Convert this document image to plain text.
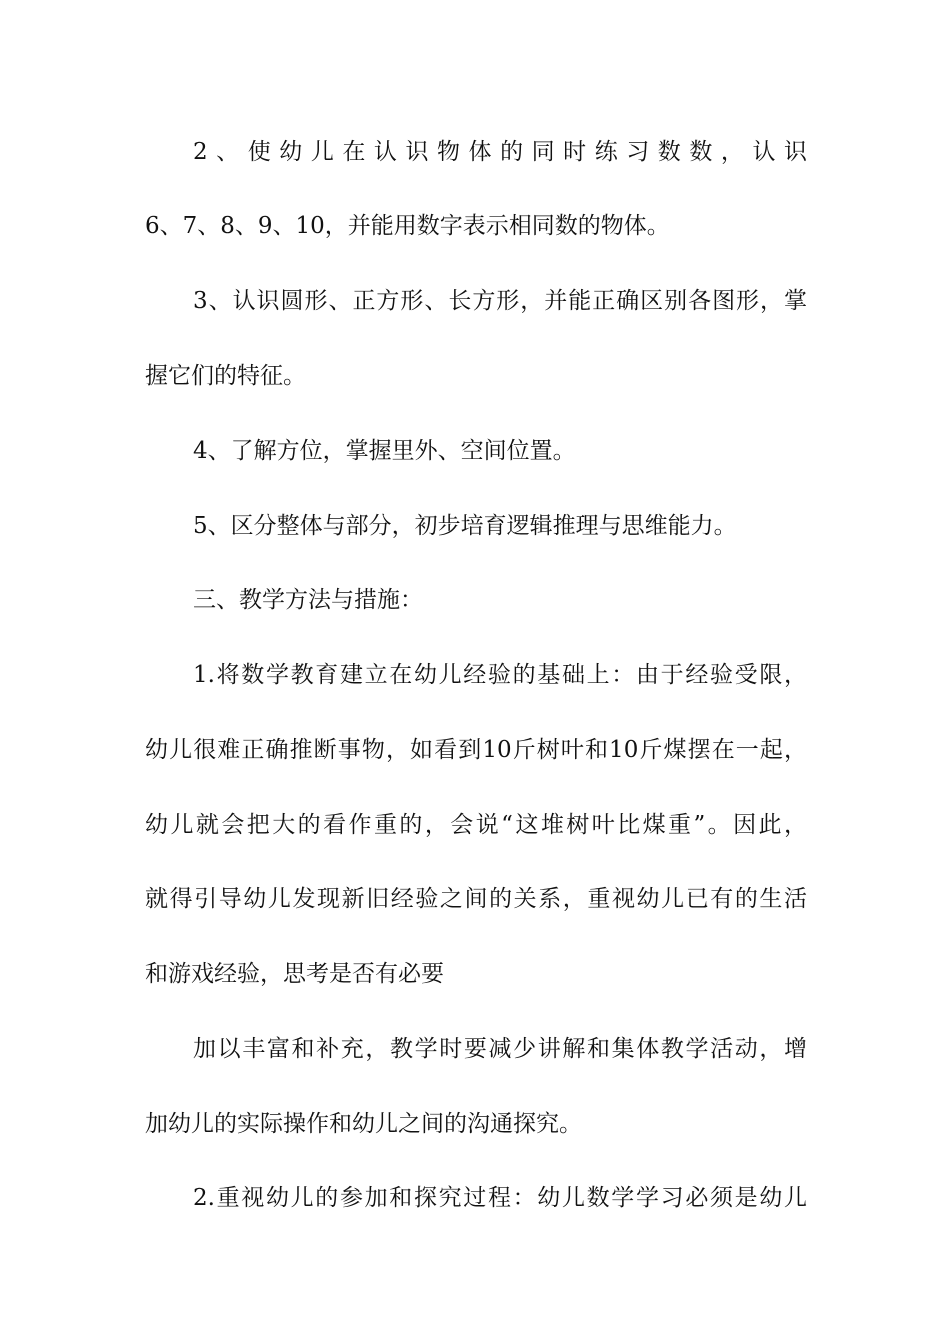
2、使幼儿在认识物体的同时练习数数，认识
6、7、8、9、10，并能用数字表示相同数的物体。
3、认识圆形、正方形、长方形，并能正确区别各图形，掌
握它们的特征。
4、了解方位，掌握里外、空间位置。
5、区分整体与部分，初步培育逻辑推理与思维能力。
三、教学方法与措施：
1.将数学教育建立在幼儿经验的基础上：由于经验受限，
幼儿很难正确推断事物，如看到10斤树叶和10斤煤摆在一起，
幼儿就会把大的看作重的，会说“这堆树叶比煤重”。因此，
就得引导幼儿发现新旧经验之间的关系，重视幼儿已有的生活
和游戏经验，思考是否有必要
加以丰富和补充，教学时要减少讲解和集体教学活动，增
加幼儿的实际操作和幼儿之间的沟通探究。
2.重视幼儿的参加和探究过程：幼儿数学学习必须是幼儿
